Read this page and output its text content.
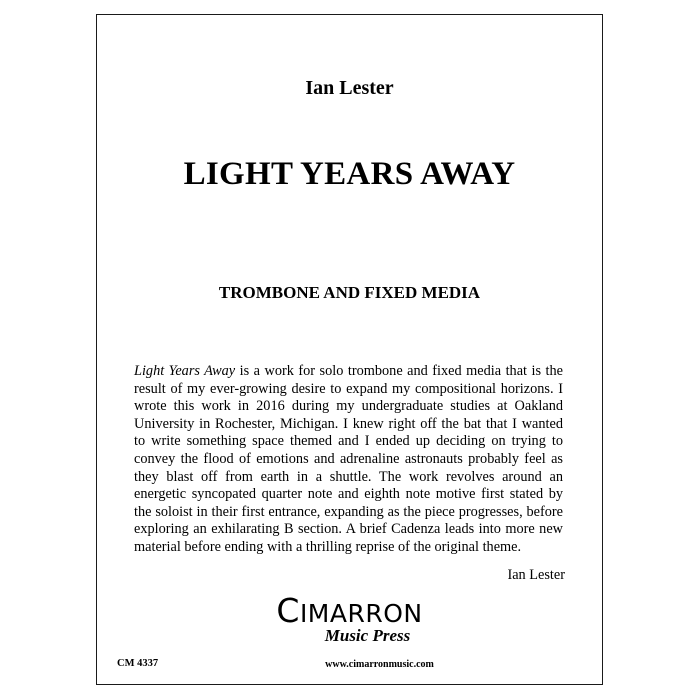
Ian Lester
LIGHT YEARS AWAY
TROMBONE AND FIXED MEDIA

Light Years Away is a work for solo trombone and fixed media that is the result of my ever-growing desire to expand my compositional horizons. I wrote this work in 2016 during my undergraduate studies at Oakland University in Rochester, Michigan. I knew right off the bat that I wanted to write something space themed and I ended up deciding on trying to convey the flood of emotions and adrenaline astronauts probably feel as they blast off from earth in a shuttle. The work revolves around an energetic syncopated quarter note and eighth note motive first stated by the soloist in their first entrance, expanding as the piece progresses, before exploring an exhilarating B section. A brief Cadenza leads into more new material before ending with a thrilling reprise of the original theme.

Ian Lester
CIMARRON
Music Press
www.cimarronmusic.com
CM 4337
